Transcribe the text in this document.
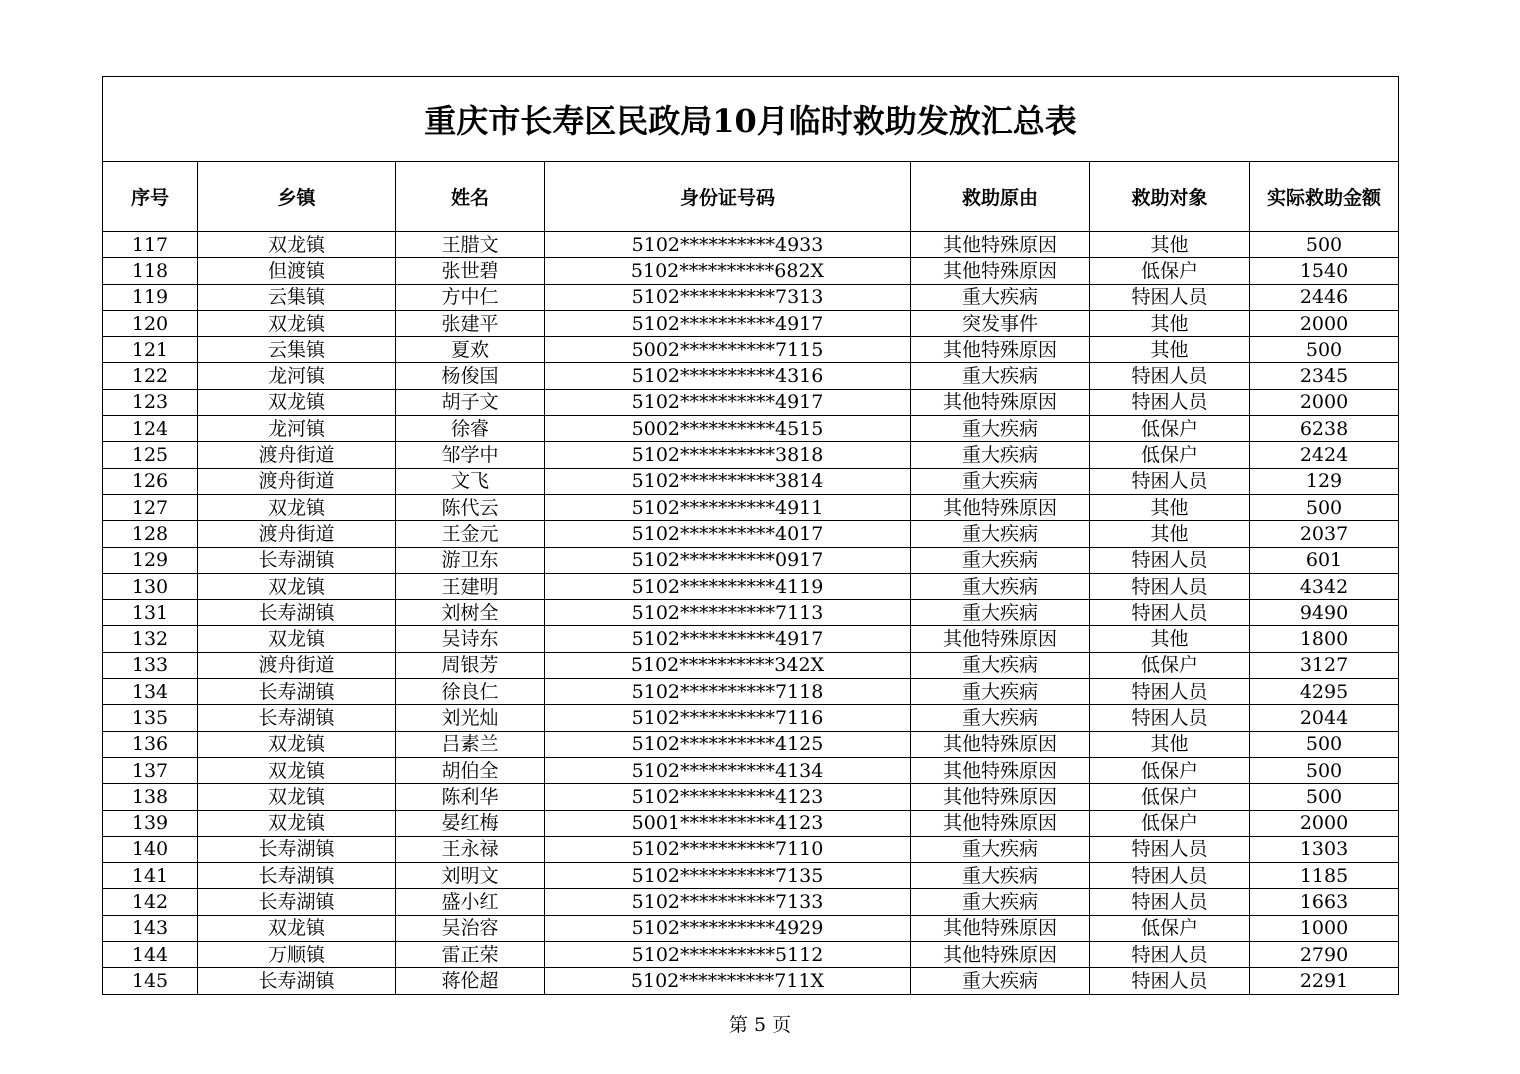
重庆市长寿区民政局10月临时救助发放汇总表						
序号	乡镇	姓名	身份证号码	救助原由	救助对象	实际救助金额
117	双龙镇	王腊文	5102**********4933	其他特殊原因	其他	500
118	但渡镇	张世碧	5102**********682X	其他特殊原因	低保户	1540
119	云集镇	方中仁	5102**********7313	重大疾病	特困人员	2446
120	双龙镇	张建平	5102**********4917	突发事件	其他	2000
121	云集镇	夏欢	5002**********7115	其他特殊原因	其他	500
122	龙河镇	杨俊国	5102**********4316	重大疾病	特困人员	2345
123	双龙镇	胡子文	5102**********4917	其他特殊原因	特困人员	2000
124	龙河镇	徐睿	5002**********4515	重大疾病	低保户	6238
125	渡舟街道	邹学中	5102**********3818	重大疾病	低保户	2424
126	渡舟街道	文飞	5102**********3814	重大疾病	特困人员	129
127	双龙镇	陈代云	5102**********4911	其他特殊原因	其他	500
128	渡舟街道	王金元	5102**********4017	重大疾病	其他	2037
129	长寿湖镇	游卫东	5102**********0917	重大疾病	特困人员	601
130	双龙镇	王建明	5102**********4119	重大疾病	特困人员	4342
131	长寿湖镇	刘树全	5102**********7113	重大疾病	特困人员	9490
132	双龙镇	吴诗东	5102**********4917	其他特殊原因	其他	1800
133	渡舟街道	周银芳	5102**********342X	重大疾病	低保户	3127
134	长寿湖镇	徐良仁	5102**********7118	重大疾病	特困人员	4295
135	长寿湖镇	刘光灿	5102**********7116	重大疾病	特困人员	2044
136	双龙镇	吕素兰	5102**********4125	其他特殊原因	其他	500
137	双龙镇	胡伯全	5102**********4134	其他特殊原因	低保户	500
138	双龙镇	陈利华	5102**********4123	其他特殊原因	低保户	500
139	双龙镇	晏红梅	5001**********4123	其他特殊原因	低保户	2000
140	长寿湖镇	王永禄	5102**********7110	重大疾病	特困人员	1303
141	长寿湖镇	刘明文	5102**********7135	重大疾病	特困人员	1185
142	长寿湖镇	盛小红	5102**********7133	重大疾病	特困人员	1663
143	双龙镇	吴治容	5102**********4929	其他特殊原因	低保户	1000
144	万顺镇	雷正荣	5102**********5112	其他特殊原因	特困人员	2790
145	长寿湖镇	蒋伦超	5102**********711X	重大疾病	特困人员	2291
第 5 页
